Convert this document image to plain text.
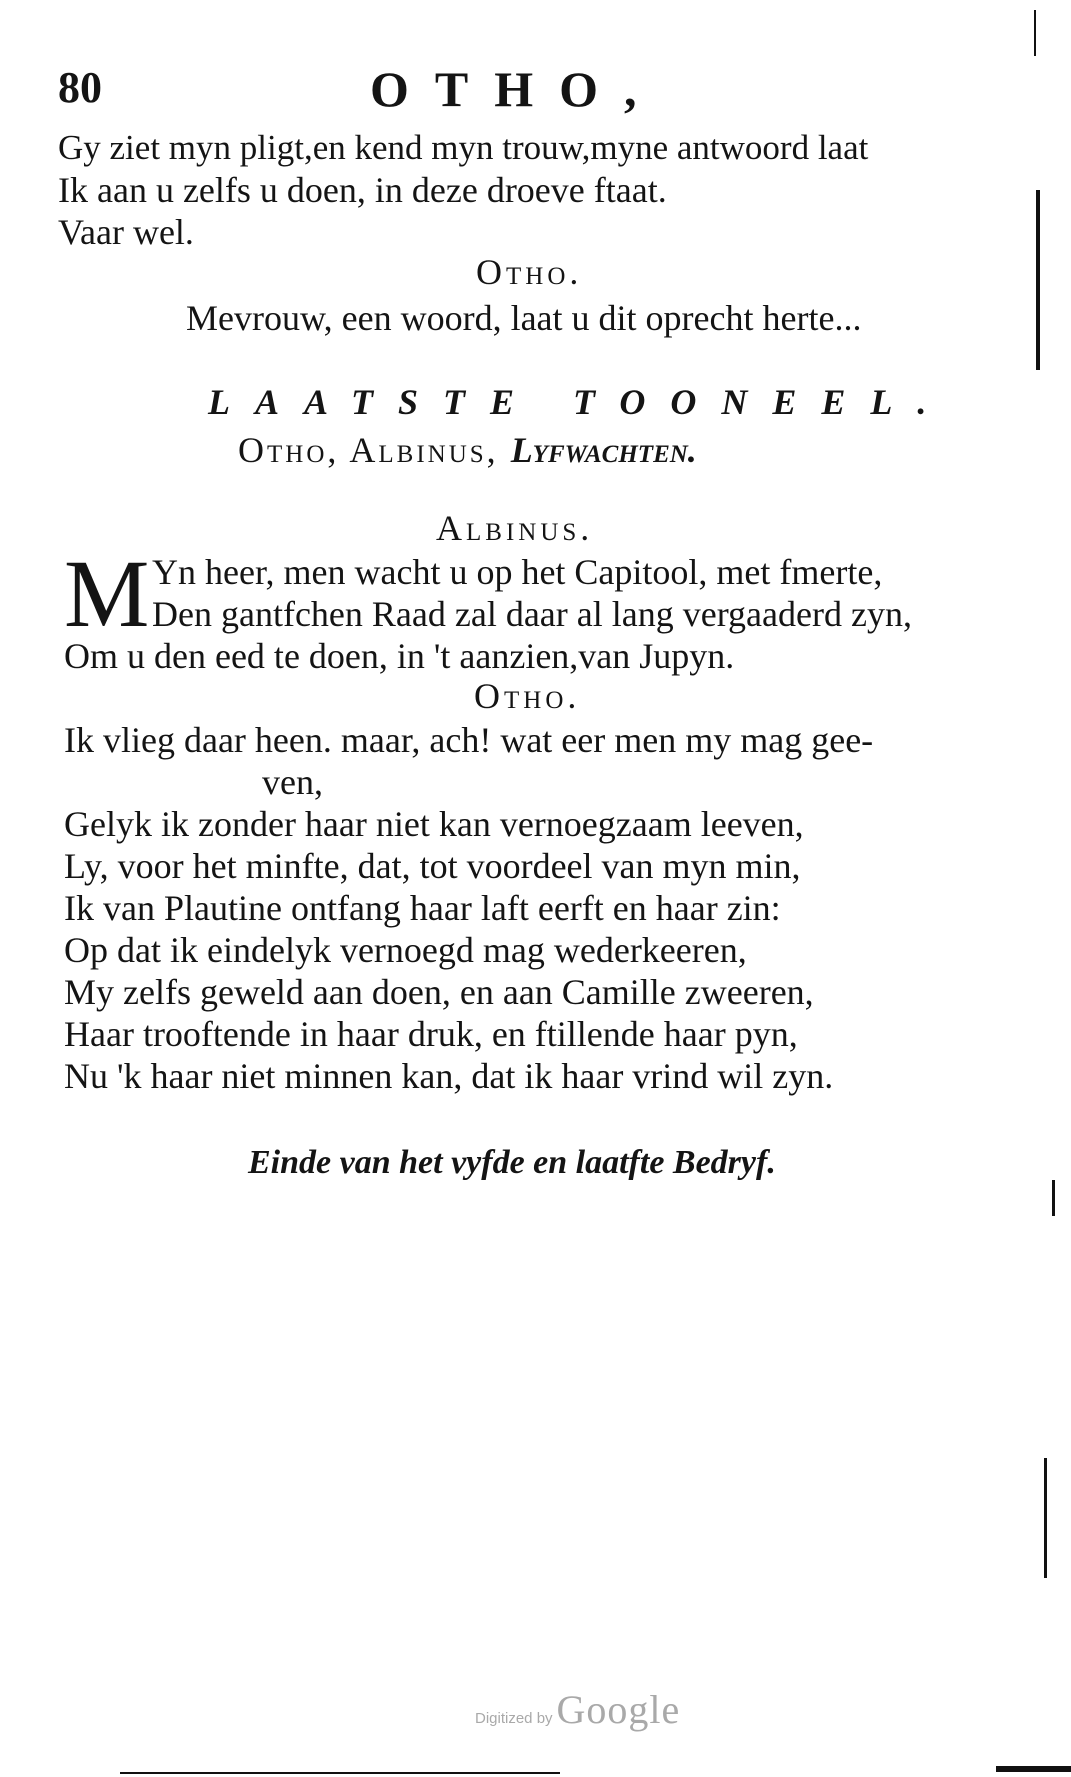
80	OTHO,
Gy ziet myn pligt,en kend myn trouw,myne antwoord laat
Ik aan u zelfs u doen, in deze droeve ftaat.
Vaar wel.
Otho.
Mevrouw, een woord, laat u dit oprecht herte...
LAATSTE TOONEEL.
Otho, Albinus, Lyfwachten.
Albinus.
M Yn heer, men wacht u op het Capitool, met fmerte,
Den gantfchen Raad zal daar al lang vergaaderd zyn,
Om u den eed te doen, in 't aanzien,van Jupyn.
Otho.
Ik vlieg daar heen. maar, ach! wat eer men my mag gee-
ven,
Gelyk ik zonder haar niet kan vernoegzaam leeven,
Ly, voor het minfte, dat, tot voordeel van myn min,
Ik van Plautine ontfang haar laft eerft en haar zin:
Op dat ik eindelyk vernoegd mag wederkeeren,
My zelfs geweld aan doen, en aan Camille zweeren,
Haar trooftende in haar druk, en ftillende haar pyn,
Nu 'k haar niet minnen kan, dat ik haar vrind wil zyn.
Einde van het vyfde en laatfte Bedryf.
Digitized by Google
